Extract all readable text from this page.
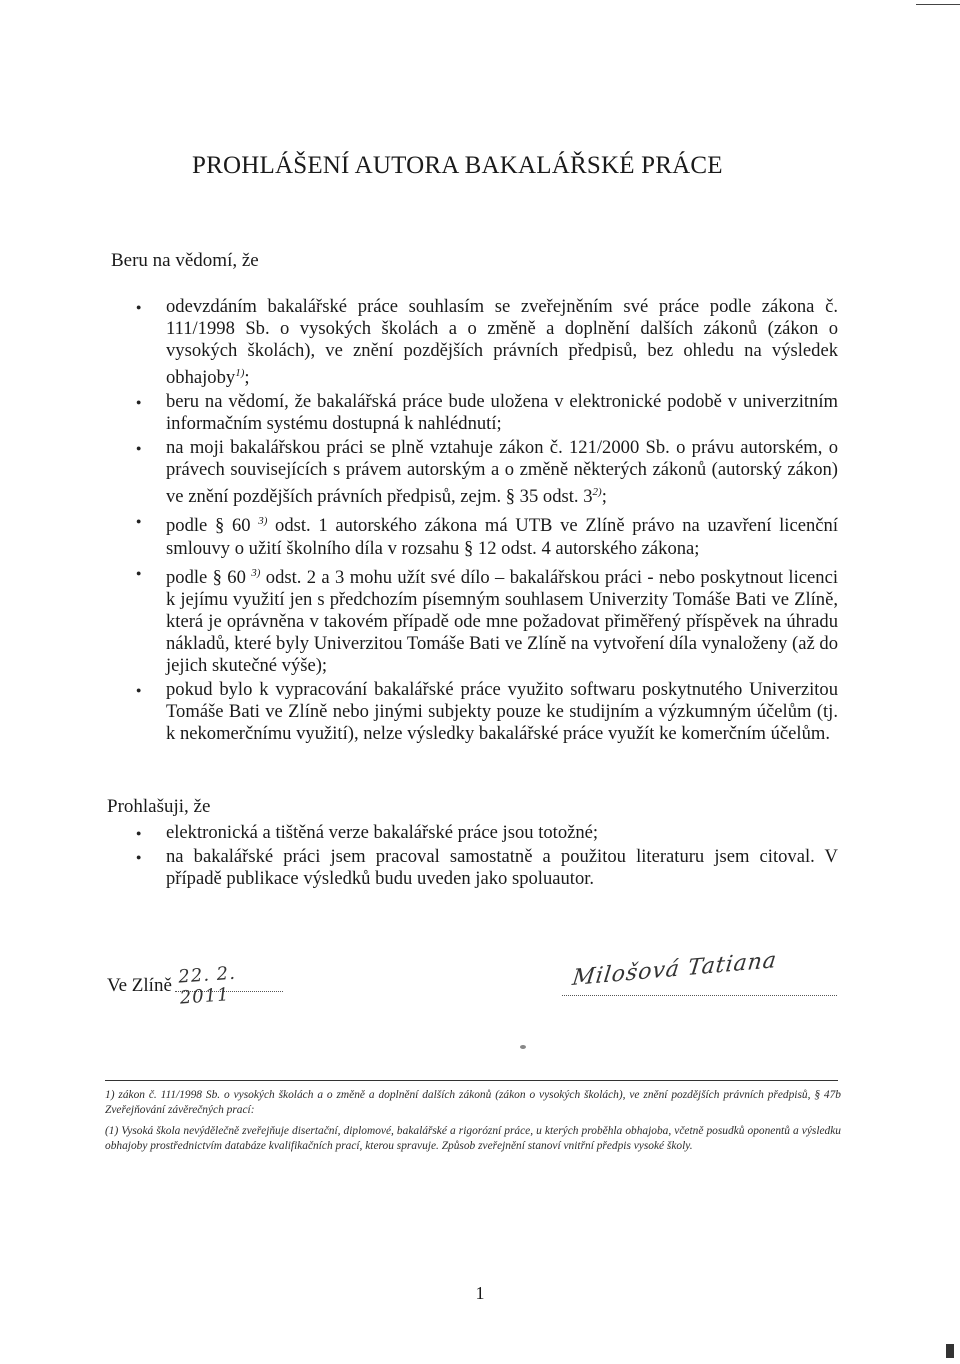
PROHLÁŠENÍ AUTORA BAKALÁŘSKÉ PRÁCE
Beru na vědomí, že
● odevzdáním bakalářské práce souhlasím se zveřejněním své práce podle zákona č. 111/1998 Sb. o vysokých školách a o změně a doplnění dalších zákonů (zákon o vysokých školách), ve znění pozdějších právních předpisů, bez ohledu na výsledek obhajoby$^{1)}$;
● beru na vědomí, že bakalářská práce bude uložena v elektronické podobě v univerzitním informačním systému dostupná k nahlédnutí;
● na moji bakalářskou práci se plně vztahuje zákon č. 121/2000 Sb. o právu autorském, o právech souvisejících s právem autorským a o změně některých zákonů (autorský zákon) ve znění pozdějších právních předpisů, zejm. § 35 odst. 3$^{2)}$;
● podle § 60 $^{3)}$ odst. 1 autorského zákona má UTB ve Zlíně právo na uzavření licenční smlouvy o užití školního díla v rozsahu § 12 odst. 4 autorského zákona;
● podle § 60 $^{3)}$ odst. 2 a 3 mohu užít své dílo – bakalářskou práci - nebo poskytnout licenci k jejímu využití jen s předchozím písemným souhlasem Univerzity Tomáše Bati ve Zlíně, která je oprávněna v takovém případě ode mne požadovat přiměřený příspěvek na úhradu nákladů, které byly Univerzitou Tomáše Bati ve Zlíně na vytvoření díla vynaloženy (až do jejich skutečné výše);
● pokud bylo k vypracování bakalářské práce využito softwaru poskytnutého Univerzitou Tomáše Bati ve Zlíně nebo jinými subjekty pouze ke studijním a výzkumným účelům (tj. k nekomerčnímu využití), nelze výsledky bakalářské práce využít ke komerčním účelům.
Prohlašuji, že
● elektronická a tištěná verze bakalářské práce jsou totožné;
● na bakalářské práci jsem pracoval samostatně a použitou literaturu jsem citoval. V případě publikace výsledků budu uveden jako spoluautor.
Ve Zlíně 22. 2. 2011
Milošová Tatiana

1) zákon č. 111/1998 Sb. o vysokých školách a o změně a doplnění dalších zákonů (zákon o vysokých školách), ve znění pozdějších právních předpisů, § 47b Zveřejňování závěrečných prací:

(1) Vysoká škola nevýdělečně zveřejňuje disertační, diplomové, bakalářské a rigorózní práce, u kterých proběhla obhajoba, včetně posudků oponentů a výsledku obhajoby prostřednictvím databáze kvalifikačních prací, kterou spravuje. Způsob zveřejnění stanoví vnitřní předpis vysoké školy.

1
